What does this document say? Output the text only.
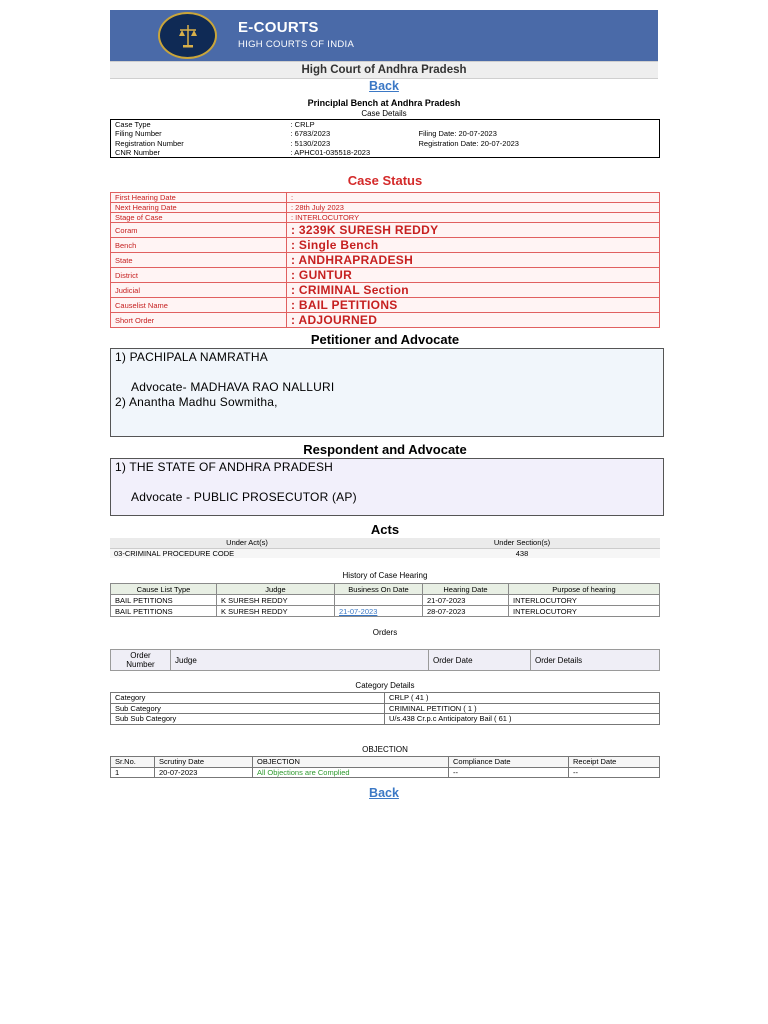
E-COURTS
HIGH COURTS OF INDIA
High Court of Andhra Pradesh
Back
Principlal Bench at Andhra Pradesh
Case Details
Case Type	: CRLP	
Filing Number	: 6783/2023	Filing Date: 20-07-2023
Registration Number	: 5130/2023	Registration Date: 20-07-2023
CNR Number	: APHC01-035518-2023	
Case Status
First Hearing Date	:
Next Hearing Date	: 28th July 2023
Stage of Case	: INTERLOCUTORY
Coram	: 3239K SURESH REDDY
Bench	: Single Bench
State	: ANDHRAPRADESH
District	: GUNTUR
Judicial	: CRIMINAL Section
Causelist Name	: BAIL PETITIONS
Short Order	: ADJOURNED
Petitioner and Advocate
1) PACHIPALA NAMRATHA
Advocate- MADHAVA RAO NALLURI
2) Anantha Madhu Sowmitha,
Respondent and Advocate
1) THE STATE OF ANDHRA PRADESH
Advocate - PUBLIC PROSECUTOR (AP)
Acts
Under Act(s)	Under Section(s)
03-CRIMINAL PROCEDURE CODE	438
History of Case Hearing
Cause List Type	Judge	Business On Date	Hearing Date	Purpose of hearing
BAIL PETITIONS	K SURESH REDDY		21-07-2023	INTERLOCUTORY
BAIL PETITIONS	K SURESH REDDY	21-07-2023	28-07-2023	INTERLOCUTORY
Orders
Order
Number	Judge	Order Date	Order Details
Category Details
Category	CRLP ( 41 )
Sub Category	CRIMINAL PETITION ( 1 )
Sub Sub Category	U/s.438 Cr.p.c Anticipatory Bail ( 61 )
OBJECTION
Sr.No.	Scrutiny Date	OBJECTION	Compliance Date	Receipt Date
1	20-07-2023	All Objections are Complied	--	--
Back
